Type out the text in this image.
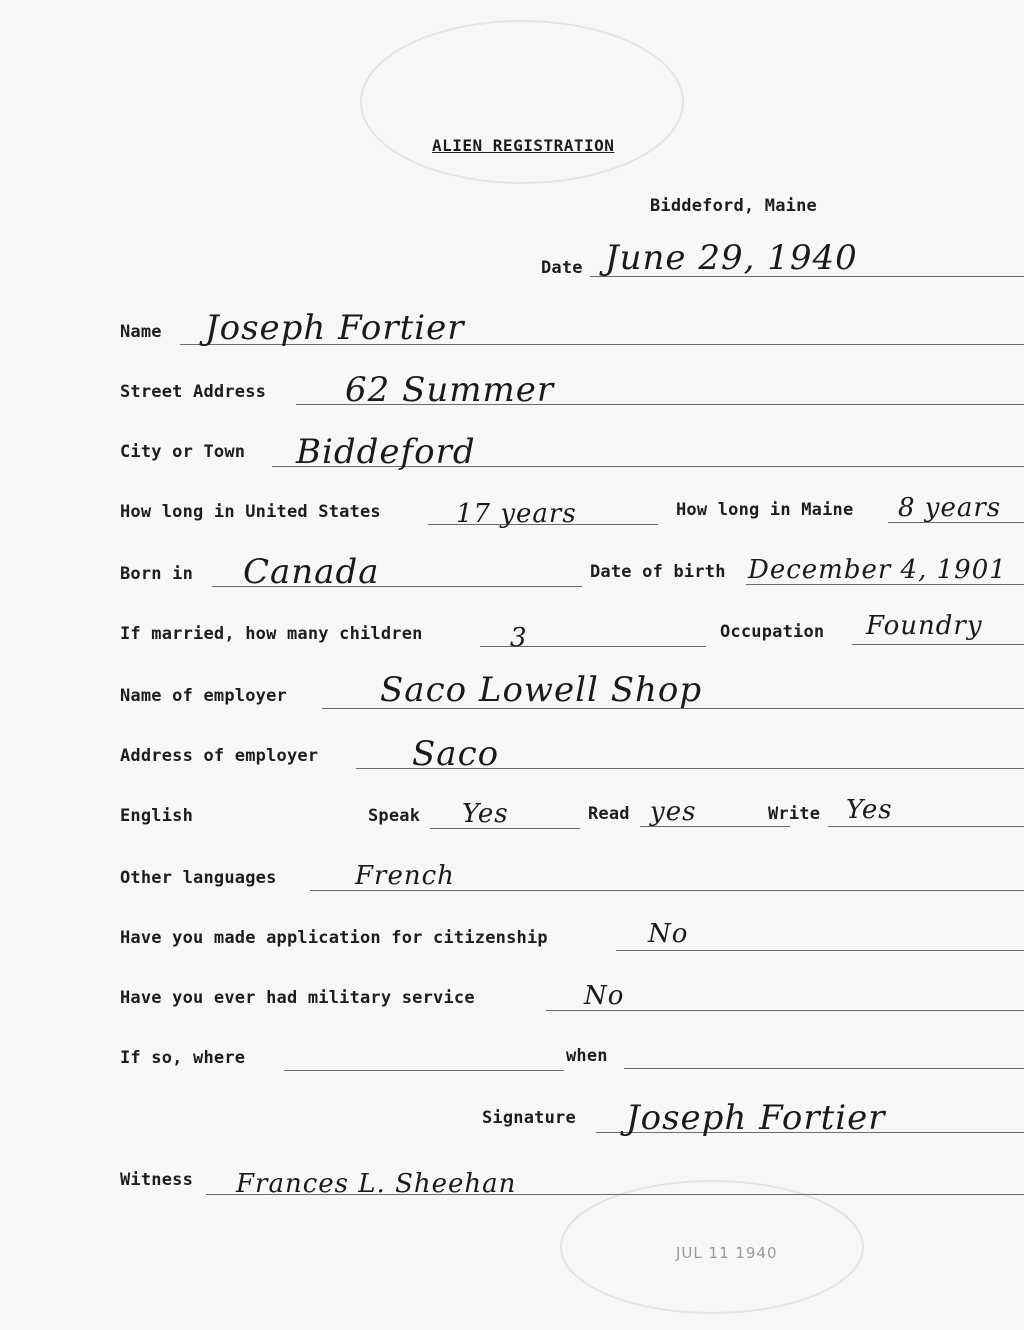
ALIEN REGISTRATION
Biddeford, Maine
Date June 29, 1940
Name Joseph Fortier
Street Address 62 Summer
City or Town Biddeford
How long in United States	17 years	How long in Maine 8 years
Born in Canada	Date of birth December 4, 1901
If married, how many children	3	Occupation Foundry
Name of employer	Saco Lowell Shop
Address of employer	Saco
English	Speak Yes	Read yes	Write Yes
Other languages	French
Have you made application for citizenship	No
Have you ever had military service	No
If so, where	when
Signature Joseph Fortier
Witness Frances L. Sheehan
JUL 11 1940
